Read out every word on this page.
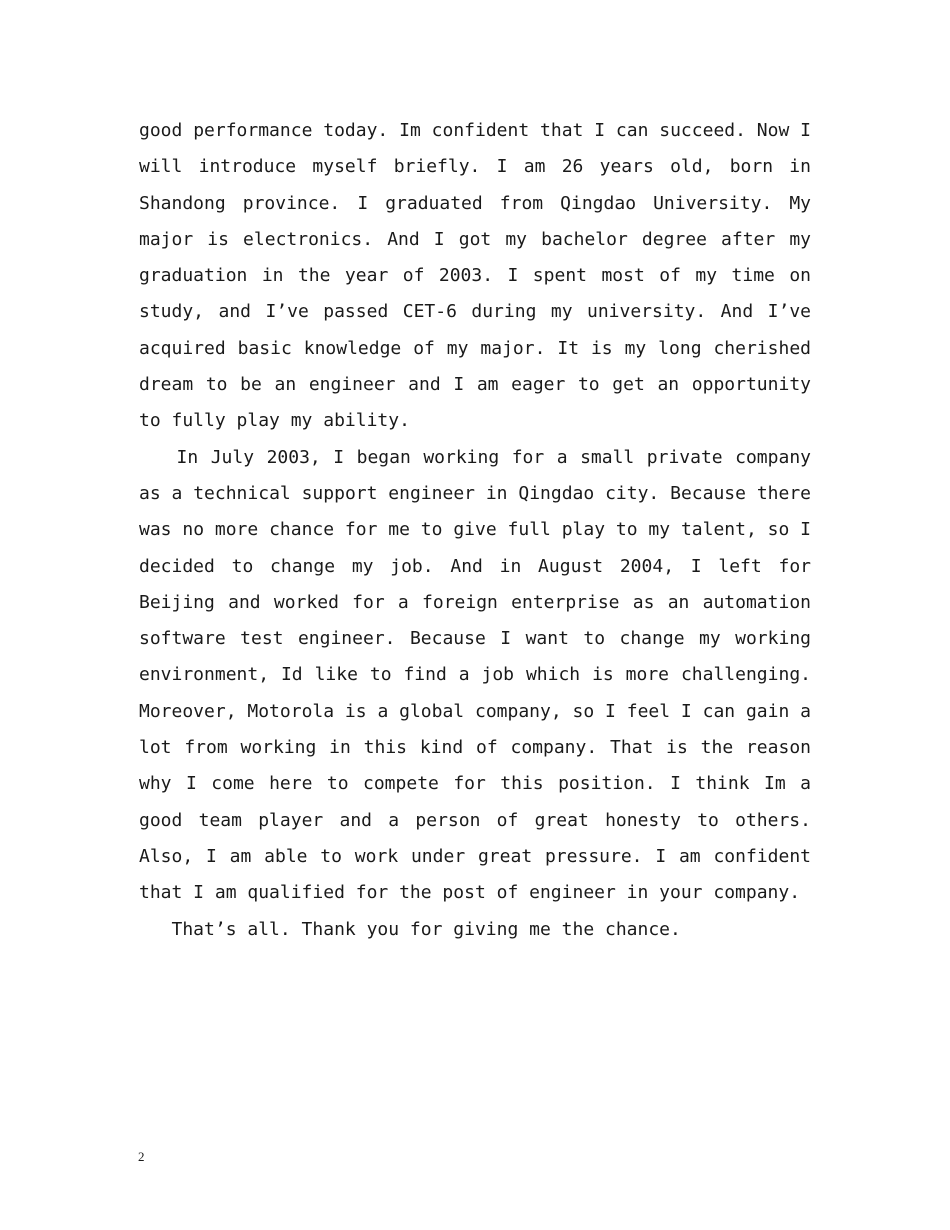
good performance today. Im confident that I can succeed. Now I
will introduce myself briefly. I am 26 years old, born in
Shandong province. I graduated from Qingdao University. My
major is electronics. And I got my bachelor degree after my
graduation in the year of 2003. I spent most of my time on
study, and I’ve passed CET-6 during my university. And I’ve
acquired basic knowledge of my major. It is my long cherished
dream to be an engineer and I am eager to get an opportunity
to fully play my ability.
In July 2003, I began working for a small private company
as a technical support engineer in Qingdao city. Because there
was no more chance for me to give full play to my talent, so I
decided to change my job. And in August 2004, I left for
Beijing and worked for a foreign enterprise as an automation
software test engineer. Because I want to change my working
environment, Id like to find a job which is more challenging.
Moreover, Motorola is a global company, so I feel I can gain a
lot from working in this kind of company. That is the reason
why I come here to compete for this position. I think Im a
good team player and a person of great honesty to others.
Also, I am able to work under great pressure. I am confident
that I am qualified for the post of engineer in your company.
That’s all. Thank you for giving me the chance.
2
